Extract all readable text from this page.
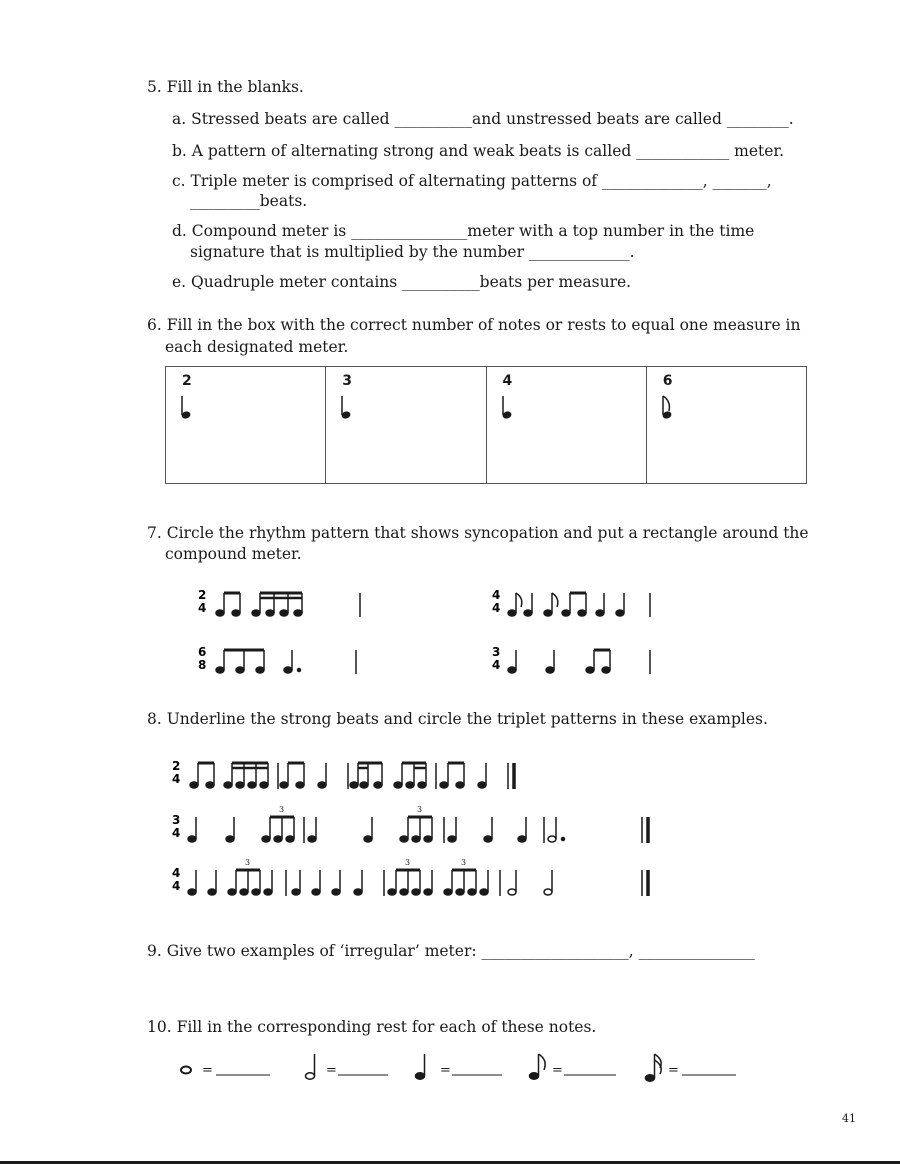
5. Fill in the blanks.
a. Stressed beats are called __________and unstressed beats are called ________.
b. A pattern of alternating strong and weak beats is called ____________ meter.
c. Triple meter is comprised of alternating patterns of _____________, _______,
_________beats.
d. Compound meter is _______________meter with a top number in the time
signature that is multiplied by the number _____________.
e. Quadruple meter contains __________beats per measure.
6. Fill in the box with the correct number of notes or rests to equal one measure in
each designated meter.
2	3	4	6
7. Circle the rhythm pattern that shows syncopation and put a rectangle around the
compound meter.
2
4
4
4
6
8
3
4
8. Underline the strong beats and circle the triplet patterns in these examples.
2
4
3
4
3	3
4
4
3	3	3
9. Give two examples of ‘irregular’ meter: ___________________, _______________
10. Fill in the corresponding rest for each of these notes.
=	=	=	=	=
41
